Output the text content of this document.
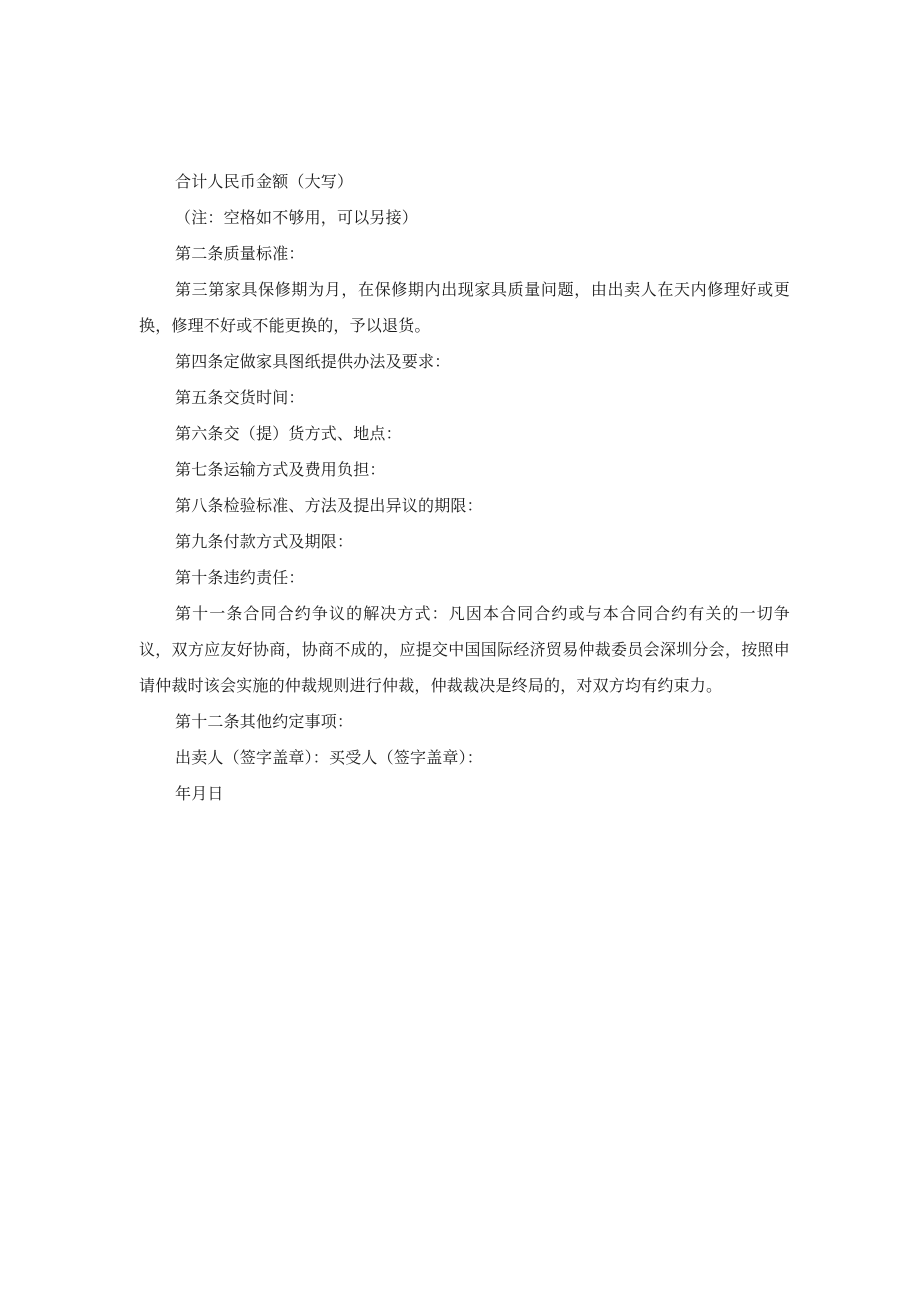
合计人民币金额（大写）

（注：空格如不够用，可以另接）

第二条质量标准：

第三第家具保修期为月，在保修期内出现家具质量问题，由出卖人在天内修理好或更换，修理不好或不能更换的，予以退货。

第四条定做家具图纸提供办法及要求：

第五条交货时间：

第六条交（提）货方式、地点：

第七条运输方式及费用负担：

第八条检验标准、方法及提出异议的期限：

第九条付款方式及期限：

第十条违约责任：

第十一条合同合约争议的解决方式：凡因本合同合约或与本合同合约有关的一切争议，双方应友好协商，协商不成的，应提交中国国际经济贸易仲裁委员会深圳分会，按照申请仲裁时该会实施的仲裁规则进行仲裁，仲裁裁决是终局的，对双方均有约束力。

第十二条其他约定事项：

出卖人（签字盖章）：买受人（签字盖章）：

年月日
